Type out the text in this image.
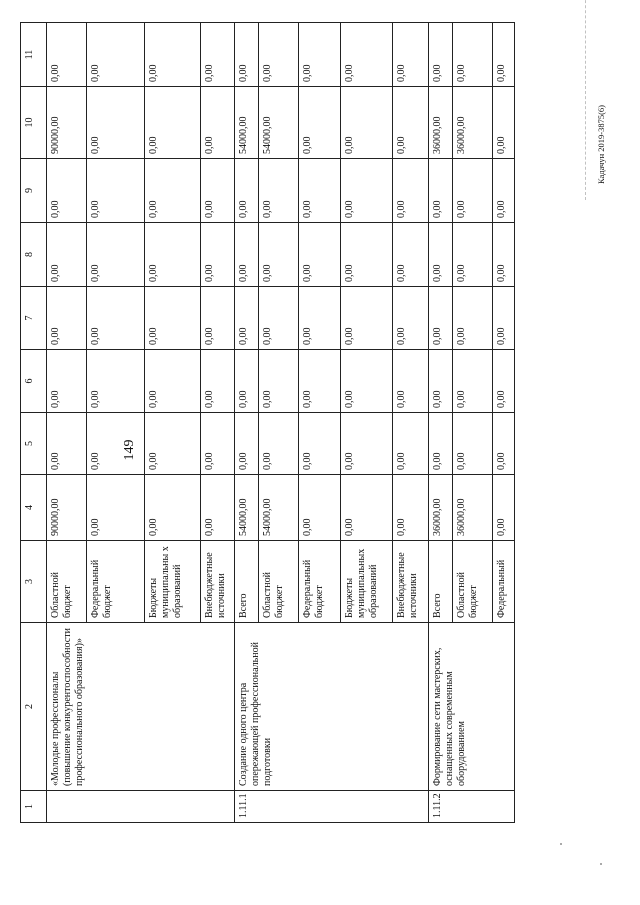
149
1	2	3	4	5	6	7	8	9	10	11
	«Молодые профессионалы (повышение конкурентоспособности профессионального образования)»	Областной бюджет	90000,00	0,00	0,00	0,00	0,00	0,00	90000,00	0,00
		Федеральный бюджет	0,00	0,00	0,00	0,00	0,00	0,00	0,00	0,00
		Бюджеты муниципальны х образований	0,00	0,00	0,00	0,00	0,00	0,00	0,00	0,00
		Внебюджетные источники	0,00	0,00	0,00	0,00	0,00	0,00	0,00	0,00
1.11.1	Создание одного центра опережающей профессиональной подготовки	Всего	54000,00	0,00	0,00	0,00	0,00	0,00	54000,00	0,00
		Областной бюджет	54000,00	0,00	0,00	0,00	0,00	0,00	54000,00	0,00
		Федеральный бюджет	0,00	0,00	0,00	0,00	0,00	0,00	0,00	0,00
		Бюджеты муниципальных образований	0,00	0,00	0,00	0,00	0,00	0,00	0,00	0,00
		Внебюджетные источники	0,00	0,00	0,00	0,00	0,00	0,00	0,00	0,00
1.11.2	Формирование сети мастерских, оснащенных современным оборудованием	Всего	36000,00	0,00	0,00	0,00	0,00	0,00	36000,00	0,00
		Областной бюджет	36000,00	0,00	0,00	0,00	0,00	0,00	36000,00	0,00
		Федеральный	0,00	0,00	0,00	0,00	0,00	0,00	0,00	0,00
Кадачун 2019-3875(6)
